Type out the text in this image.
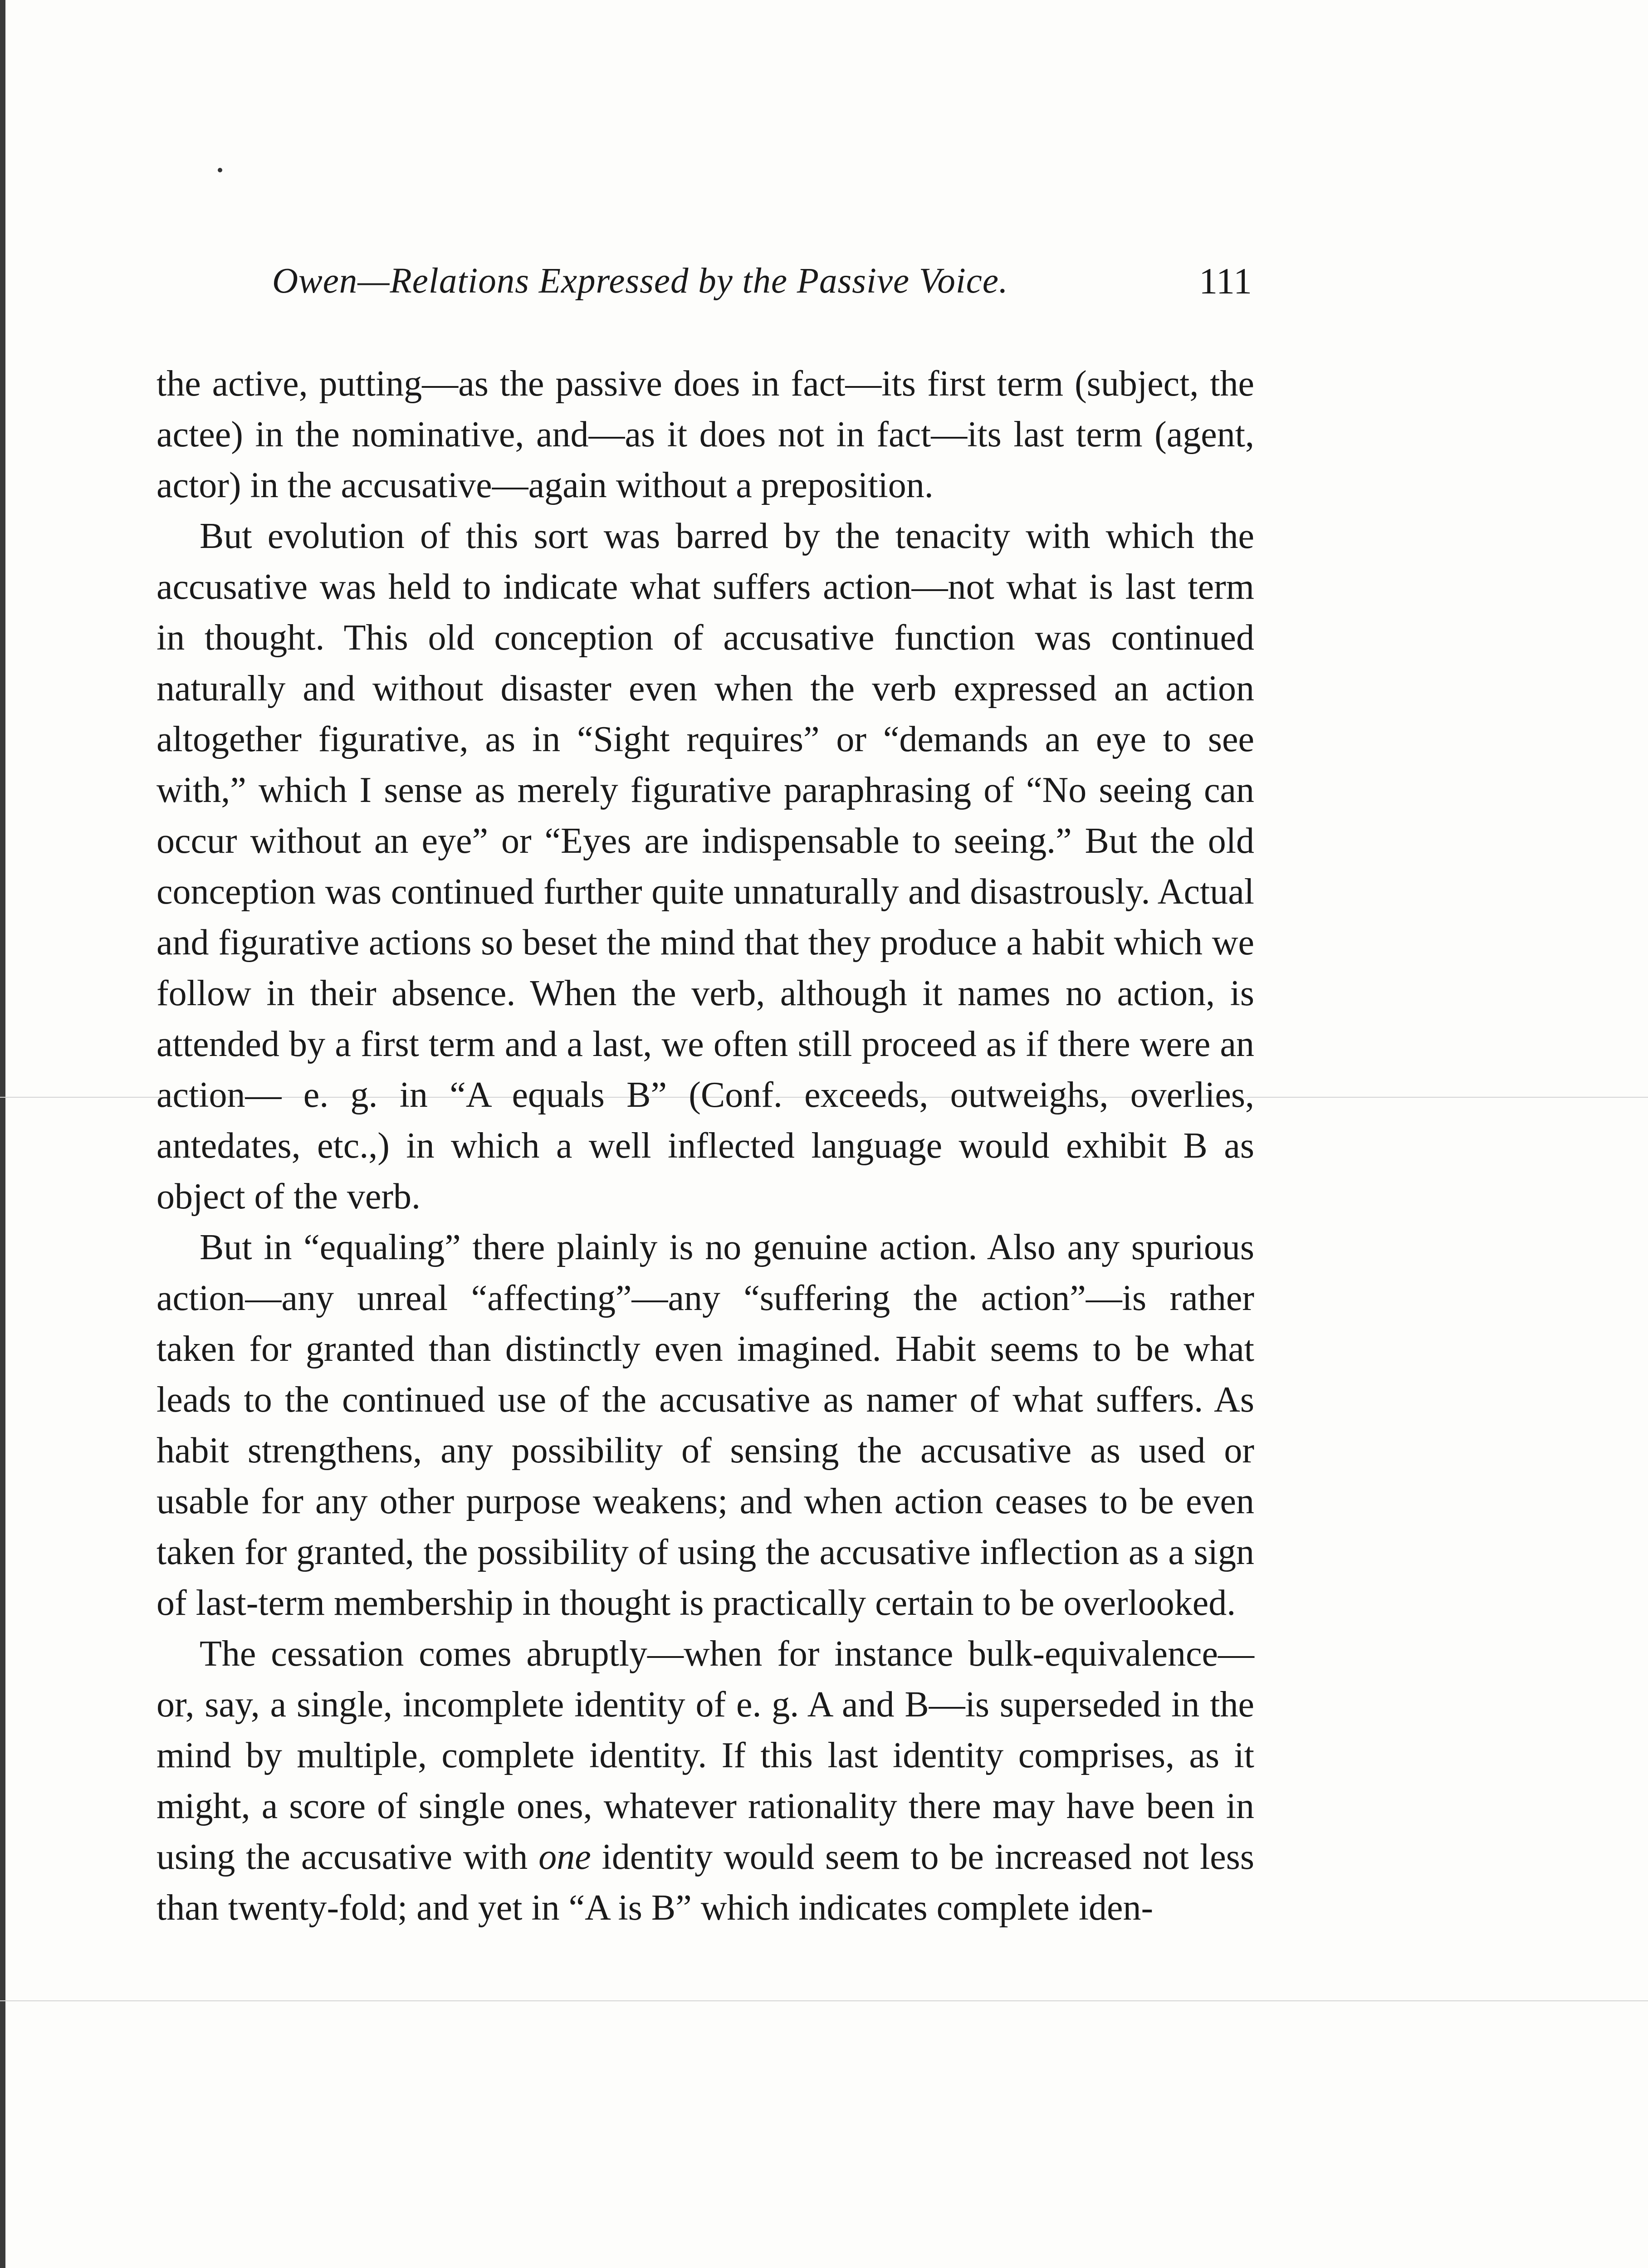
Owen—Relations Expressed by the Passive Voice.	111

the active, putting—as the passive does in fact—its first term (subject, the actee) in the nominative, and—as it does not in fact—its last term (agent, actor) in the accusative—again without a preposition.

But evolution of this sort was barred by the tenacity with which the accusative was held to indicate what suffers action—not what is last term in thought. This old conception of accusative function was continued naturally and without disaster even when the verb expressed an action altogether figurative, as in “Sight requires” or “demands an eye to see with,” which I sense as merely figurative paraphrasing of “No seeing can occur without an eye” or “Eyes are indispensable to seeing.” But the old conception was continued further quite unnaturally and disastrously. Actual and figurative actions so beset the mind that they produce a habit which we follow in their absence. When the verb, although it names no action, is attended by a first term and a last, we often still proceed as if there were an action— e. g. in “A equals B” (Conf. exceeds, outweighs, overlies, antedates, etc.,) in which a well inflected language would exhibit B as object of the verb.

But in “equaling” there plainly is no genuine action. Also any spurious action—any unreal “affecting”—any “suffering the action”—is rather taken for granted than distinctly even imagined. Habit seems to be what leads to the continued use of the accusative as namer of what suffers. As habit strengthens, any possibility of sensing the accusative as used or usable for any other purpose weakens; and when action ceases to be even taken for granted, the possibility of using the accusative inflection as a sign of last-term membership in thought is practically certain to be overlooked.

The cessation comes abruptly—when for instance bulk-equivalence—or, say, a single, incomplete identity of e. g. A and B—is superseded in the mind by multiple, complete identity. If this last identity comprises, as it might, a score of single ones, whatever rationality there may have been in using the accusative with one identity would seem to be increased not less than twenty-fold; and yet in “A is B” which indicates complete iden-
